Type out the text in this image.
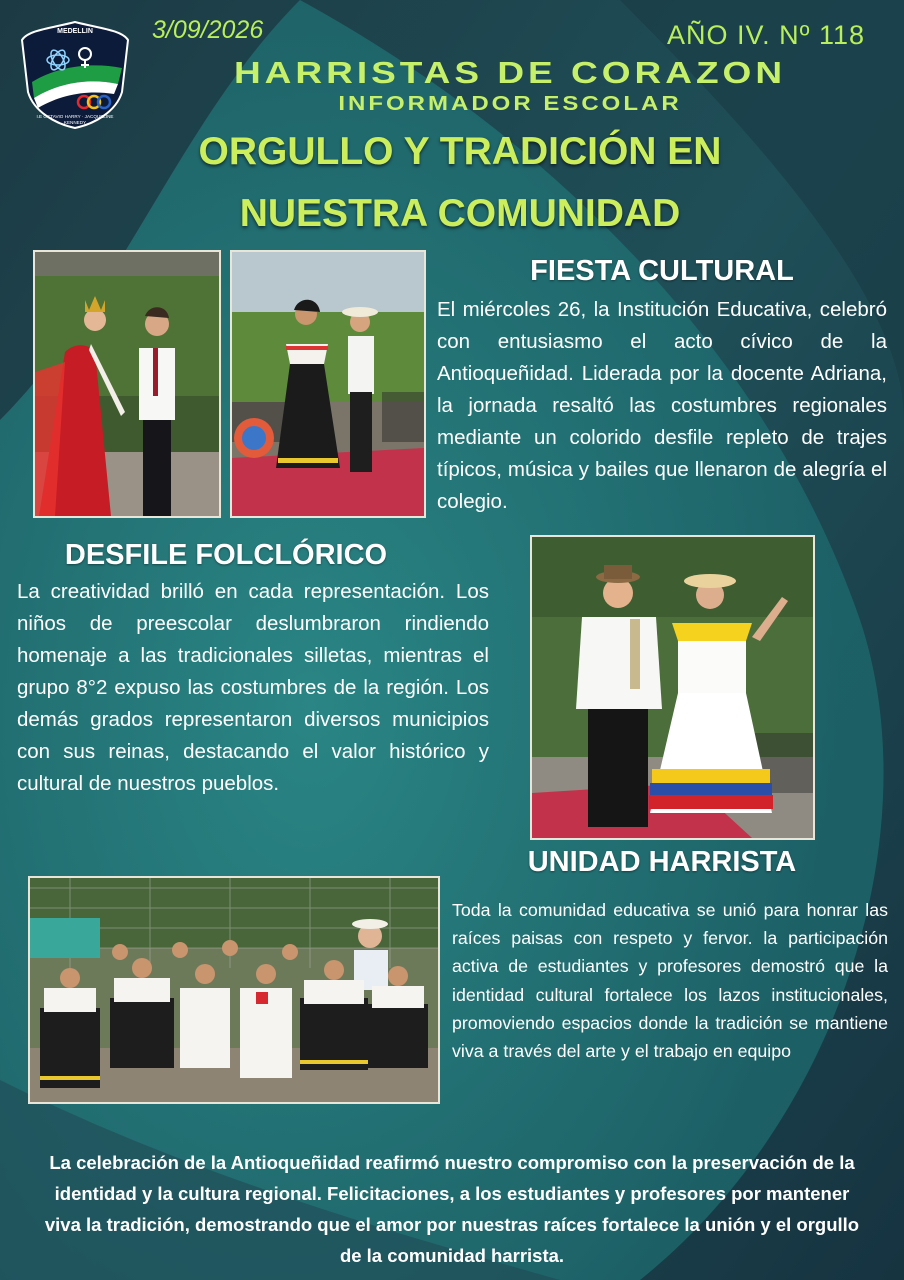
MEDELLIN
I.E OCTAVIO HARRY · JACQUELINE KENNEDY
3/09/2026	AÑO IV. Nº 118
HARRISTAS DE CORAZON
INFORMADOR ESCOLAR
ORGULLO Y TRADICIÓN EN
NUESTRA COMUNIDAD
FIESTA CULTURAL
El miércoles 26, la Institución Educativa, celebró con entusiasmo el acto cívico de la Antioqueñidad. Liderada por la docente Adriana, la jornada resaltó las costumbres regionales mediante un colorido desfile repleto de trajes típicos, música y bailes que llenaron de alegría el colegio.
DESFILE FOLCLÓRICO
La creatividad brilló en cada representación. Los niños de preescolar deslumbraron rindiendo homenaje a las tradicionales silletas, mientras el grupo 8°2 expuso las costumbres de la región. Los demás grados representaron diversos municipios con sus reinas, destacando el valor histórico y cultural de nuestros pueblos.
UNIDAD HARRISTA
Toda la comunidad educativa se unió para honrar las raíces paisas con respeto y fervor. la participación activa de estudiantes y profesores demostró que la identidad cultural fortalece los lazos institucionales, promoviendo espacios donde la tradición se mantiene viva a través del arte y el trabajo en equipo
La celebración de la Antioqueñidad reafirmó nuestro compromiso con la preservación de la identidad y la cultura regional. Felicitaciones, a los estudiantes y profesores por mantener viva la tradición, demostrando que el amor por nuestras raíces fortalece la unión y el orgullo de la comunidad harrista.
